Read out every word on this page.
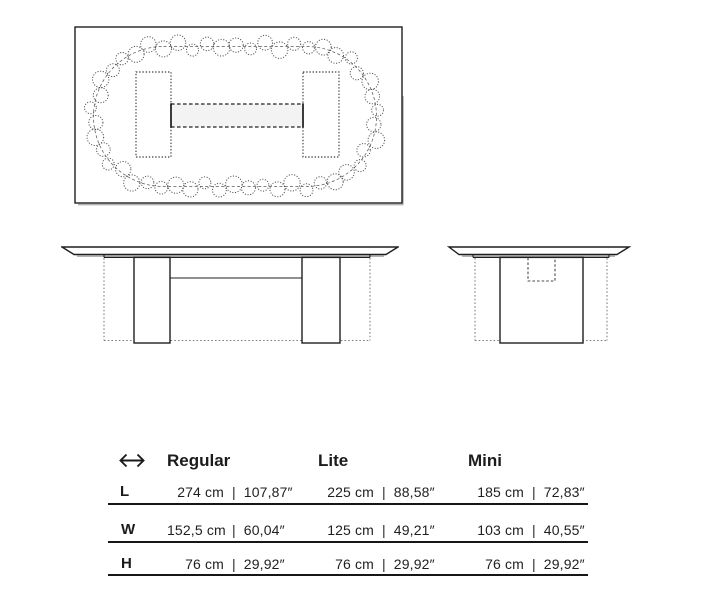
Regular	Lite	Mini
L	274 cm | 107,87″	225 cm | 88,58″	185 cm | 72,83″
W 152,5 cm | 60,04″	125 cm | 49,21″	103 cm | 40,55″
H	76 cm | 29,92″	76 cm | 29,92″	76 cm | 29,92″
